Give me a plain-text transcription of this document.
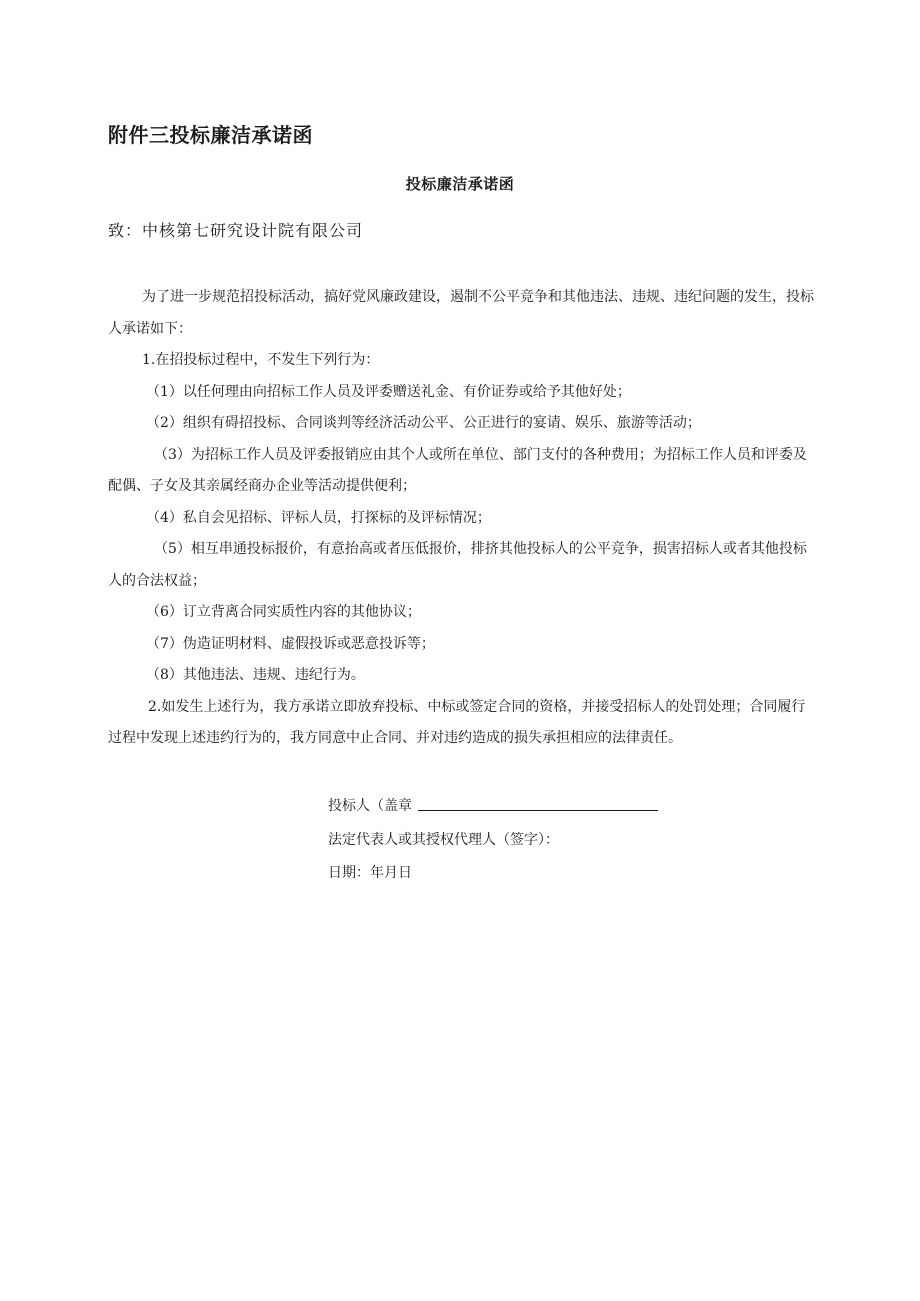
附件三投标廉洁承诺函
投标廉洁承诺函

致：中核第七研究设计院有限公司

为了进一步规范招投标活动，搞好党风廉政建设，遏制不公平竞争和其他违法、违规、违纪问题的发生，投标人承诺如下：

1.在招投标过程中，不发生下列行为：

（1）以任何理由向招标工作人员及评委赠送礼金、有价证券或给予其他好处；

（2）组织有碍招投标、合同谈判等经济活动公平、公正进行的宴请、娱乐、旅游等活动；

（3）为招标工作人员及评委报销应由其个人或所在单位、部门支付的各种费用；为招标工作人员和评委及配偶、子女及其亲属经商办企业等活动提供便利；

（4）私自会见招标、评标人员，打探标的及评标情况；

（5）相互串通投标报价，有意抬高或者压低报价，排挤其他投标人的公平竞争，损害招标人或者其他投标人的合法权益；

（6）订立背离合同实质性内容的其他协议；

（7）伪造证明材料、虚假投诉或恶意投诉等；

（8）其他违法、违规、违纪行为。

2.如发生上述行为，我方承诺立即放弃投标、中标或签定合同的资格，并接受招标人的处罚处理；合同履行过程中发现上述违约行为的，我方同意中止合同、并对违约造成的损失承担相应的法律责任。

投标人（盖章

法定代表人或其授权代理人（签字）：

日期：年月日
